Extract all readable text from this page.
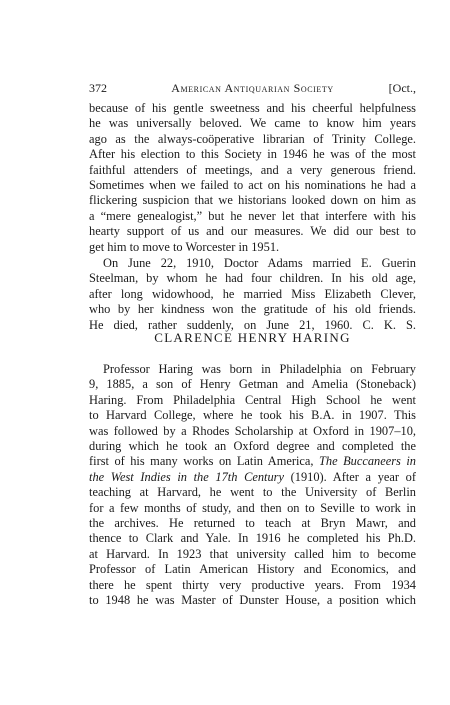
372	American Antiquarian Society	[Oct.,
because of his gentle sweetness and his cheerful helpfulness
he was universally beloved. We came to know him years
ago as the always-coöperative librarian of Trinity College.
After his election to this Society in 1946 he was of the most
faithful attenders of meetings, and a very generous friend.
Sometimes when we failed to act on his nominations he had a
flickering suspicion that we historians looked down on him as
a “mere genealogist,” but he never let that interfere with his
hearty support of us and our measures. We did our best to
get him to move to Worcester in 1951.
On June 22, 1910, Doctor Adams married E. Guerin
Steelman, by whom he had four children. In his old age,
after long widowhood, he married Miss Elizabeth Clever,
who by her kindness won the gratitude of his old friends.
He died, rather suddenly, on June 21, 1960. C. K. S.
CLARENCE HENRY HARING
Professor Haring was born in Philadelphia on February
9, 1885, a son of Henry Getman and Amelia (Stoneback)
Haring. From Philadelphia Central High School he went
to Harvard College, where he took his B.A. in 1907. This
was followed by a Rhodes Scholarship at Oxford in 1907–10,
during which he took an Oxford degree and completed the
first of his many works on Latin America, The Buccaneers in
the West Indies in the 17th Century (1910). After a year of
teaching at Harvard, he went to the University of Berlin
for a few months of study, and then on to Seville to work in
the archives. He returned to teach at Bryn Mawr, and
thence to Clark and Yale. In 1916 he completed his Ph.D.
at Harvard. In 1923 that university called him to become
Professor of Latin American History and Economics, and
there he spent thirty very productive years. From 1934
to 1948 he was Master of Dunster House, a position which
